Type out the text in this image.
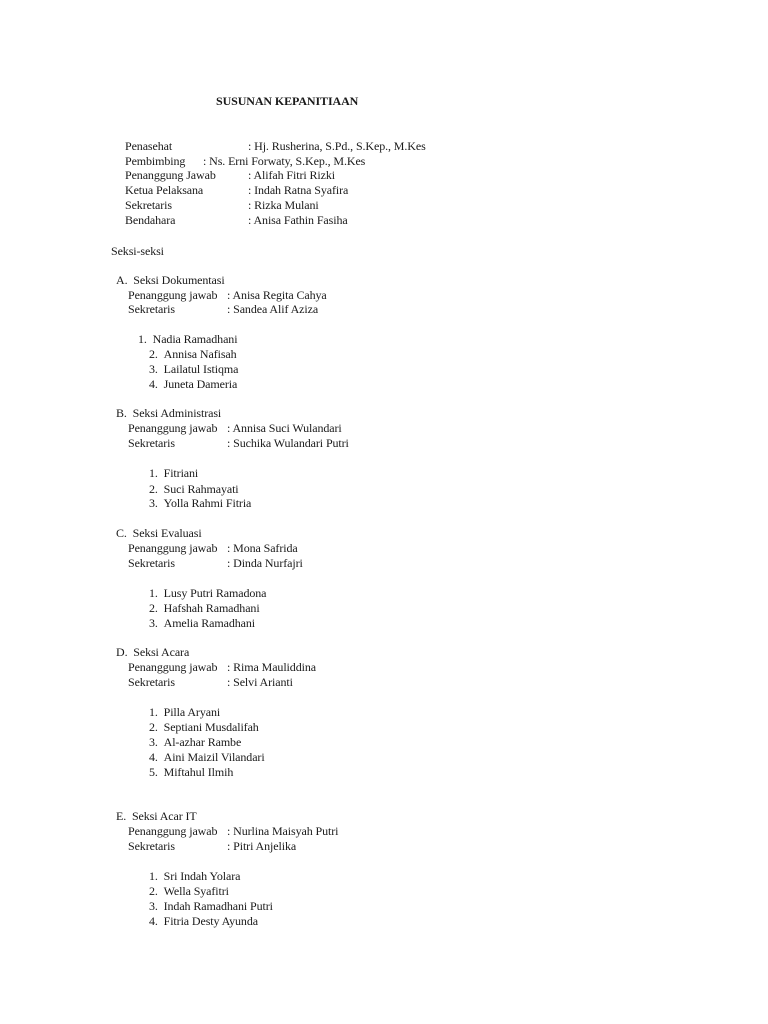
SUSUNAN KEPANITIAAN
Penasehat	: Hj. Rusherina, S.Pd., S.Kep., M.Kes
Pembimbing : Ns. Erni Forwaty, S.Kep., M.Kes
Penanggung Jawab	: Alifah Fitri Rizki
Ketua Pelaksana	: Indah Ratna Syafira
Sekretaris	: Rizka Mulani
Bendahara	: Anisa Fathin Fasiha
Seksi-seksi
A. Seksi Dokumentasi
Penanggung jawab : Anisa Regita Cahya
Sekretaris	: Sandea Alif Aziza
1. Nadia Ramadhani
2. Annisa Nafisah
3. Lailatul Istiqma
4. Juneta Dameria
B. Seksi Administrasi
Penanggung jawab : Annisa Suci Wulandari
Sekretaris	: Suchika Wulandari Putri
1. Fitriani
2. Suci Rahmayati
3. Yolla Rahmi Fitria
C. Seksi Evaluasi
Penanggung jawab : Mona Safrida
Sekretaris	: Dinda Nurfajri
1. Lusy Putri Ramadona
2. Hafshah Ramadhani
3. Amelia Ramadhani
D. Seksi Acara
Penanggung jawab : Rima Mauliddina
Sekretaris	: Selvi Arianti
1. Pilla Aryani
2. Septiani Musdalifah
3. Al-azhar Rambe
4. Aini Maizil Vilandari
5. Miftahul Ilmih
E. Seksi Acar IT
Penanggung jawab : Nurlina Maisyah Putri
Sekretaris	: Pitri Anjelika
1. Sri Indah Yolara
2. Wella Syafitri
3. Indah Ramadhani Putri
4. Fitria Desty Ayunda
